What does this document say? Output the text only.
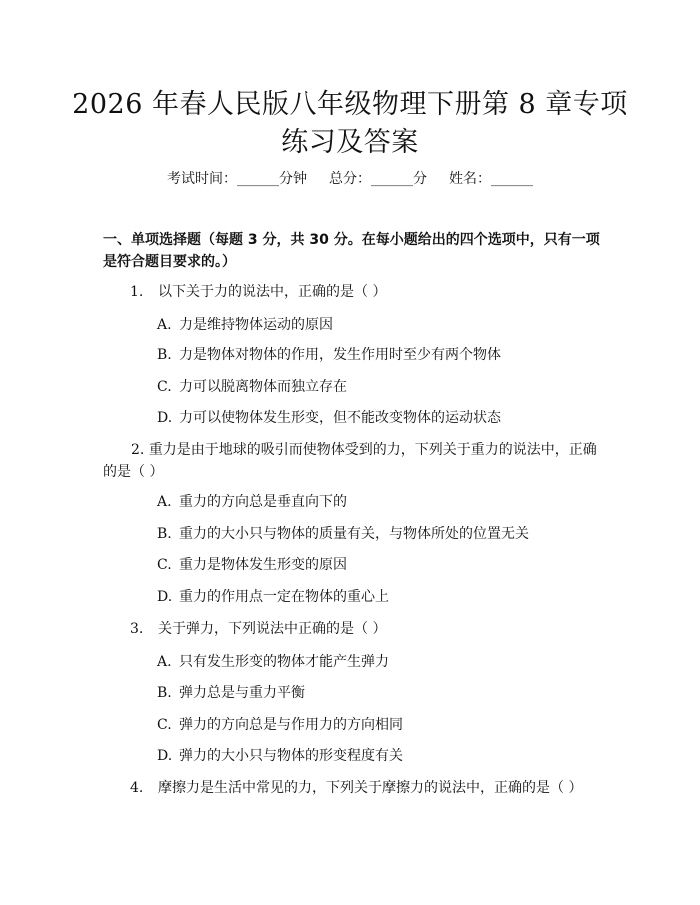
2026 年春人民版八年级物理下册第 8 章专项
练习及答案
考试时间：______分钟 总分：______分 姓名：______
一、单项选择题（每题 3 分，共 30 分。在每小题给出的四个选项中，只有一项是符合题目要求的。）
1. 以下关于力的说法中，正确的是（ ）
A. 力是维持物体运动的原因
B. 力是物体对物体的作用，发生作用时至少有两个物体
C. 力可以脱离物体而独立存在
D. 力可以使物体发生形变，但不能改变物体的运动状态
2. 重力是由于地球的吸引而使物体受到的力，下列关于重力的说法中，正确的是（ ）
A. 重力的方向总是垂直向下的
B. 重力的大小只与物体的质量有关，与物体所处的位置无关
C. 重力是物体发生形变的原因
D. 重力的作用点一定在物体的重心上
3. 关于弹力，下列说法中正确的是（ ）
A. 只有发生形变的物体才能产生弹力
B. 弹力总是与重力平衡
C. 弹力的方向总是与作用力的方向相同
D. 弹力的大小只与物体的形变程度有关
4. 摩擦力是生活中常见的力，下列关于摩擦力的说法中，正确的是（ ）
